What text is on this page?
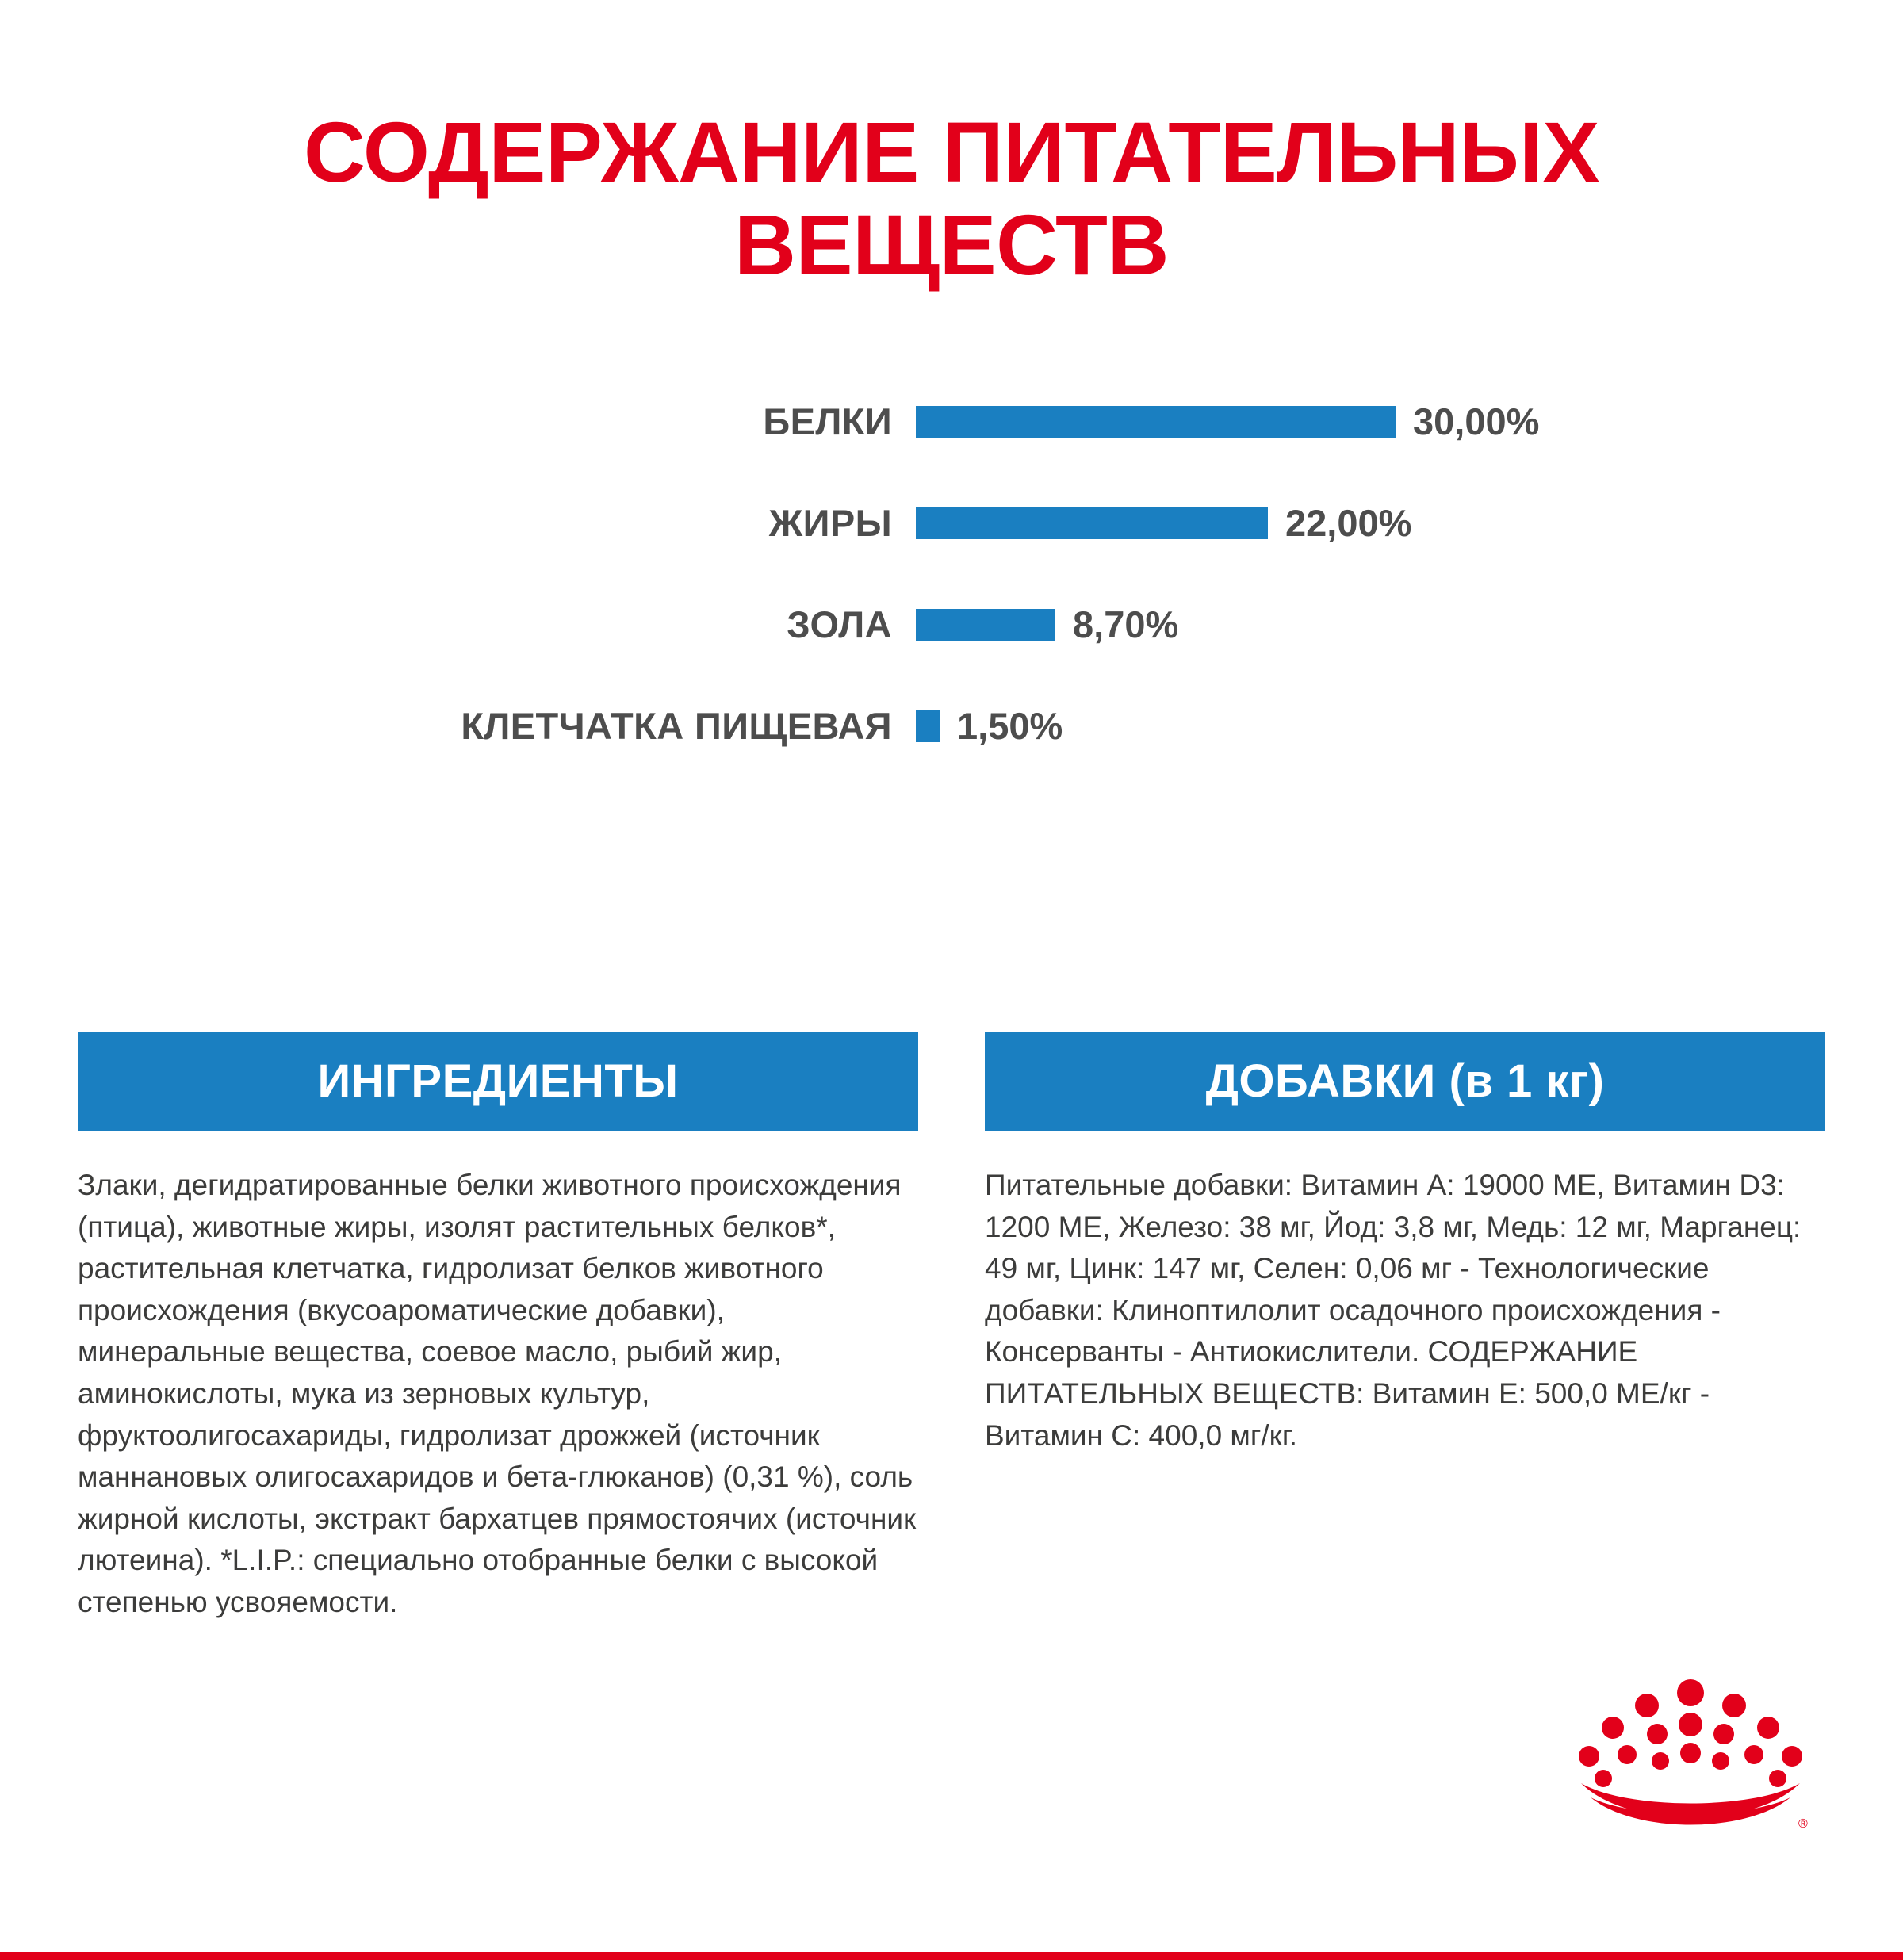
СОДЕРЖАНИЕ ПИТАТЕЛЬНЫХ ВЕЩЕСТВ
БЕЛКИ	30,00%
ЖИРЫ	22,00%
ЗОЛА	8,70%
КЛЕТЧАТКА ПИЩЕВАЯ	1,50%
ИНГРЕДИЕНТЫ

Злаки, дегидратированные белки животного происхождения (птица), животные жиры, изолят растительных белков*, растительная клетчатка, гидролизат белков животного происхождения (вкусоароматические добавки), минеральные вещества, соевое масло, рыбий жир, аминокислоты, мука из зерновых культур, фруктоолигосахариды, гидролизат дрожжей (источник маннановых олигосахаридов и бета-глюканов) (0,31 %), соль жирной кислоты, экстракт бархатцев прямостоячих (источник лютеина). *L.I.P.: специально отобранные белки с высокой степенью усвояемости.

ДОБАВКИ (в 1 кг)

Питательные добавки: Витамин А: 19000 МЕ, Витамин D3: 1200 МЕ, Железо: 38 мг, Йод: 3,8 мг, Медь: 12 мг, Марганец: 49 мг, Цинк: 147 мг, Селен: 0,06 мг - Технологические добавки: Клиноптилолит осадочного происхождения - Консерванты - Антиокислители. СОДЕРЖАНИЕ ПИТАТЕЛЬНЫХ ВЕЩЕСТВ: Витамин Е: 500,0 МЕ/кг - Витамин С: 400,0 мг/кг.

®
